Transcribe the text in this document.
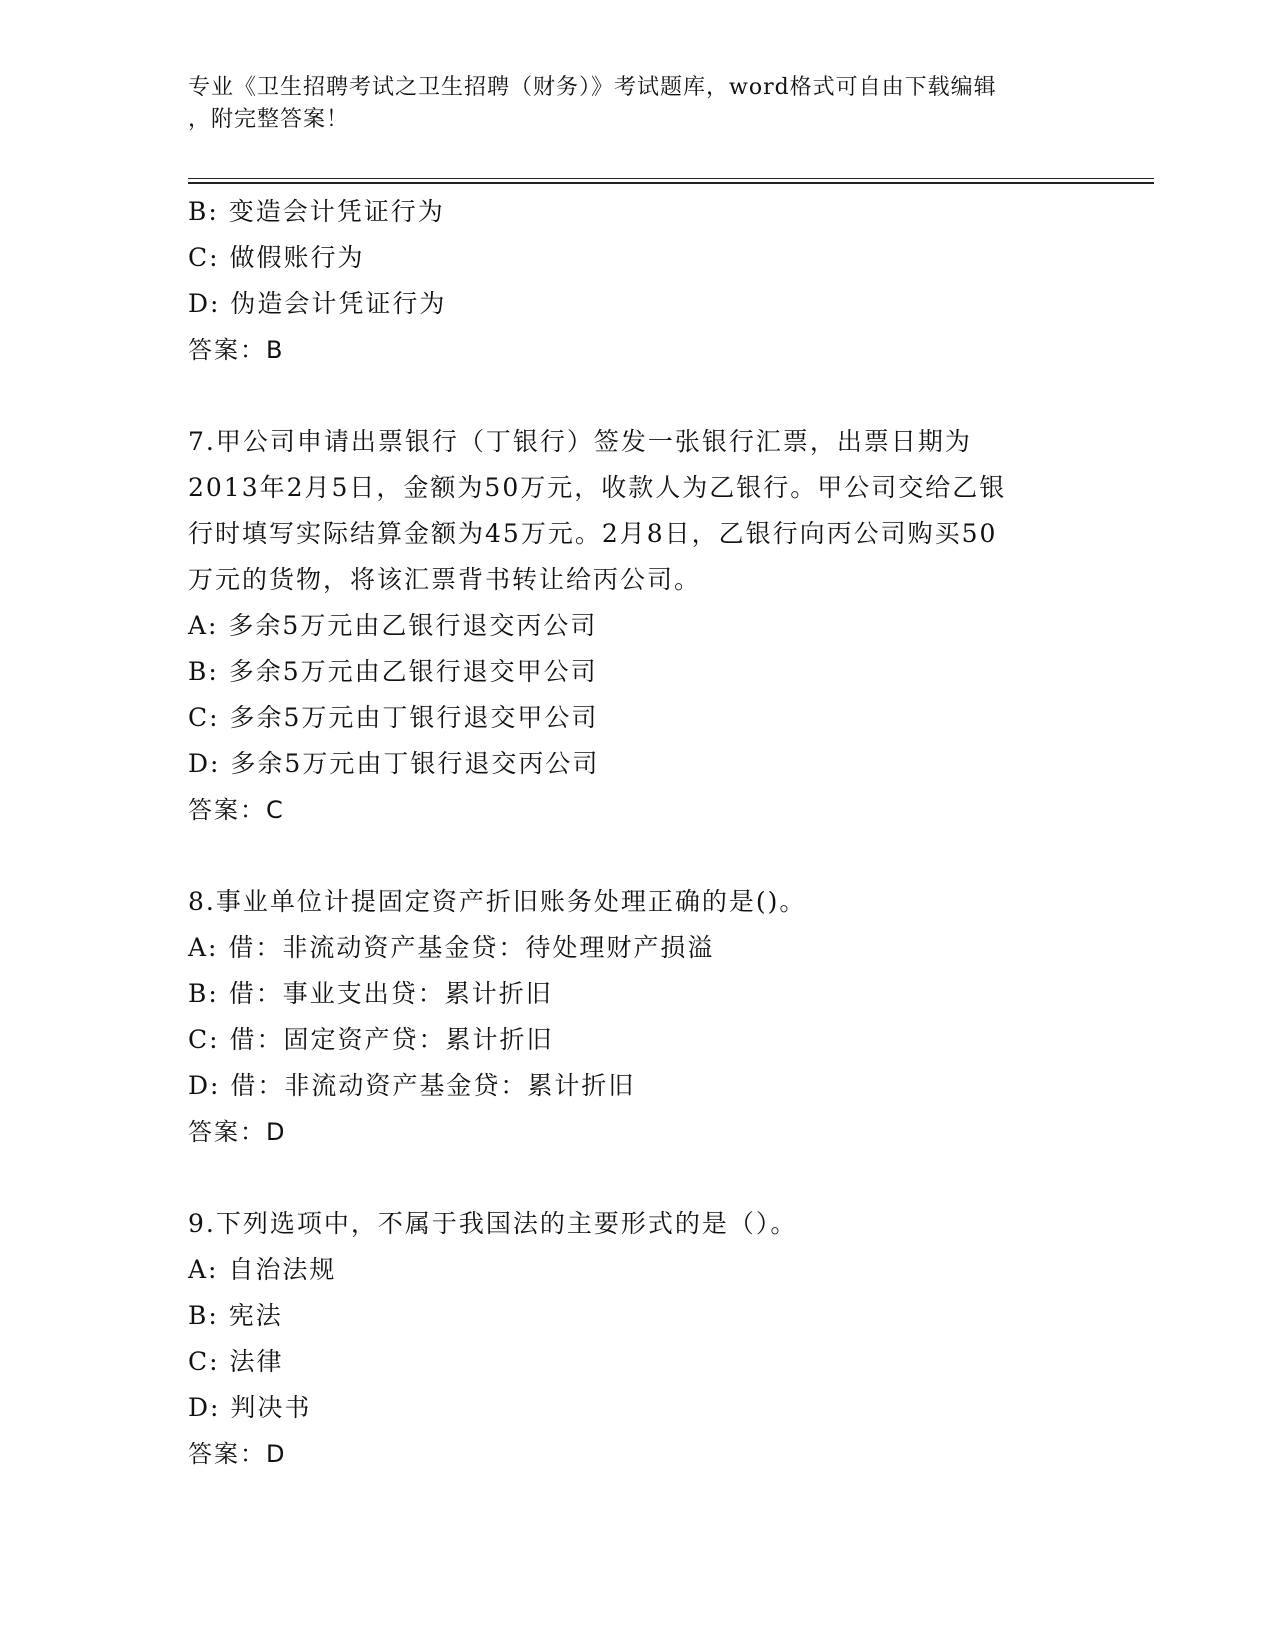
专业《卫生招聘考试之卫生招聘（财务）》考试题库，word格式可自由下载编辑
，附完整答案！
B: 变造会计凭证行为
C: 做假账行为
D: 伪造会计凭证行为
答案：B
7.甲公司申请出票银行（丁银行）签发一张银行汇票，出票日期为
2013年2月5日，金额为50万元，收款人为乙银行。甲公司交给乙银
行时填写实际结算金额为45万元。2月8日，乙银行向丙公司购买50
万元的货物，将该汇票背书转让给丙公司。
A: 多余5万元由乙银行退交丙公司
B: 多余5万元由乙银行退交甲公司
C: 多余5万元由丁银行退交甲公司
D: 多余5万元由丁银行退交丙公司
答案：C
8.事业单位计提固定资产折旧账务处理正确的是()。
A: 借：非流动资产基金贷：待处理财产损溢
B: 借：事业支出贷：累计折旧
C: 借：固定资产贷：累计折旧
D: 借：非流动资产基金贷：累计折旧
答案：D
9.下列选项中，不属于我国法的主要形式的是（）。
A: 自治法规
B: 宪法
C: 法律
D: 判决书
答案：D
